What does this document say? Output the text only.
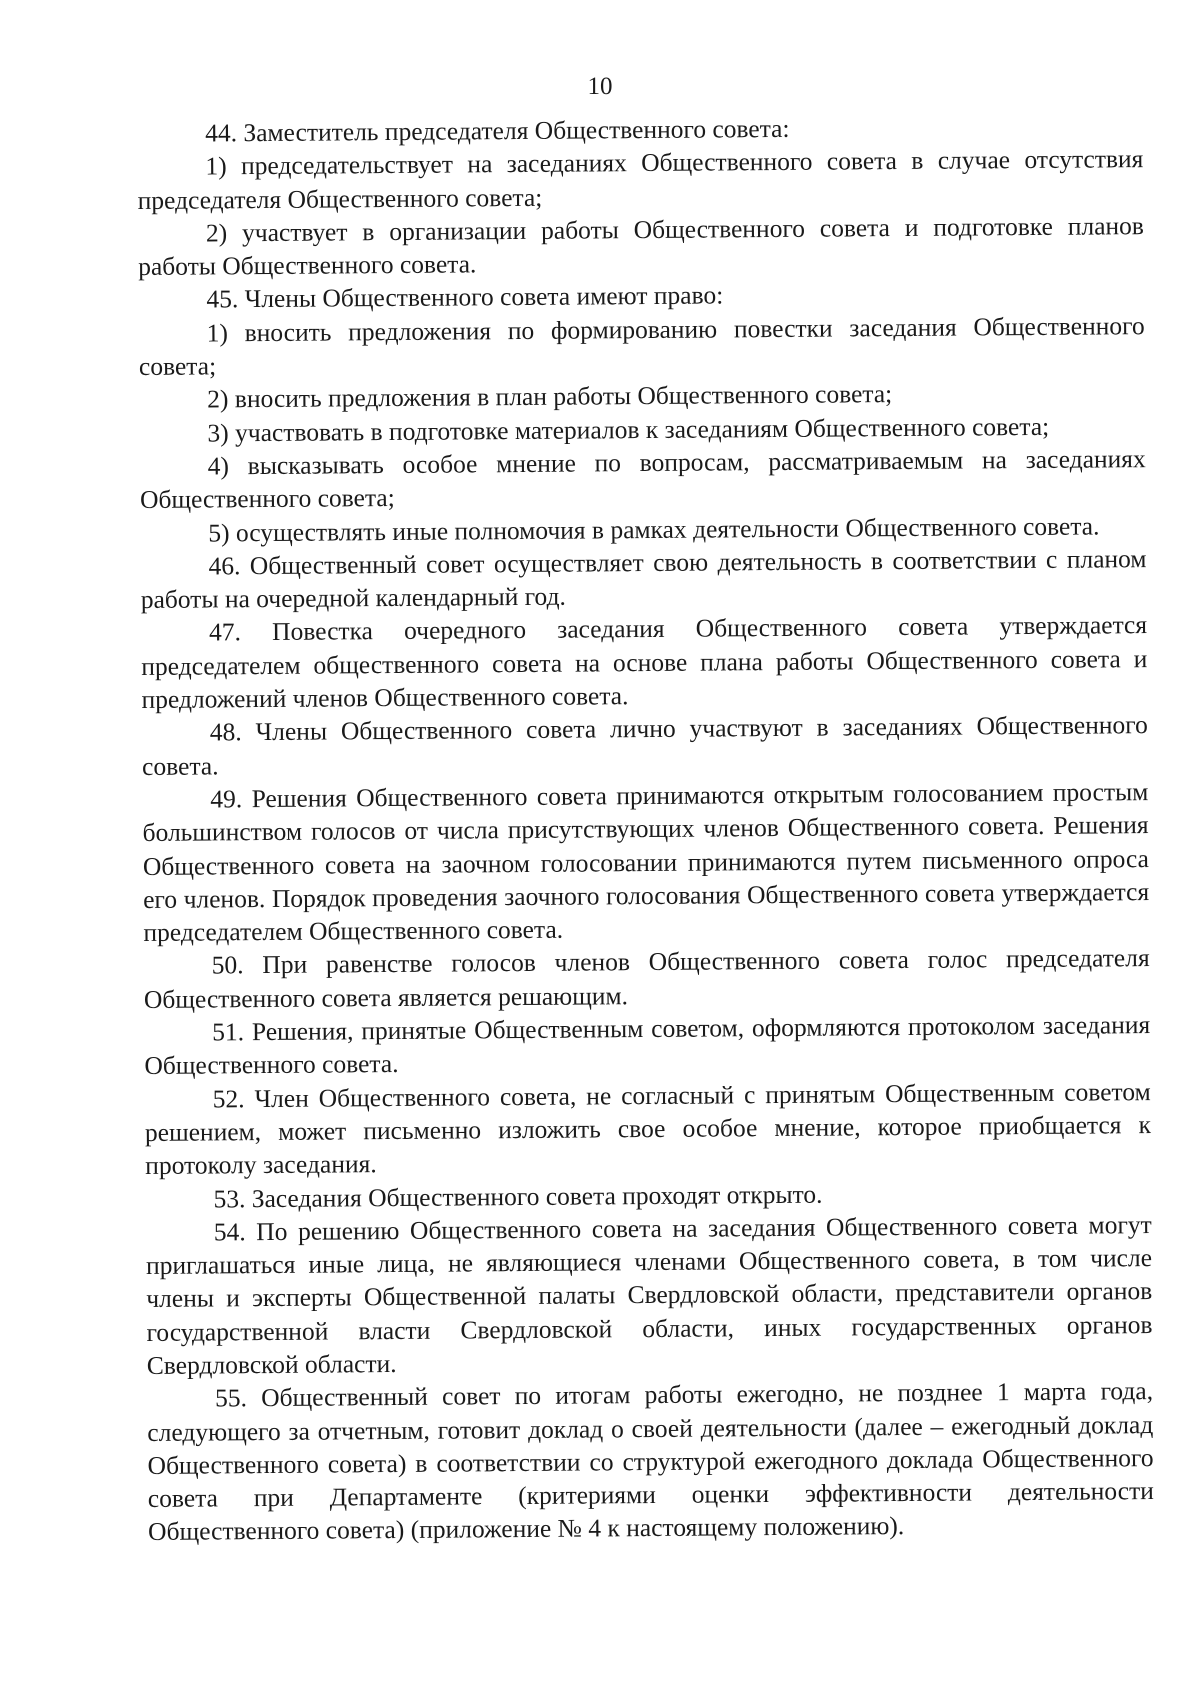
10

44. Заместитель председателя Общественного совета:

1) председательствует на заседаниях Общественного совета в случае отсутствия председателя Общественного совета;

2) участвует в организации работы Общественного совета и подготовке планов работы Общественного совета.

45. Члены Общественного совета имеют право:

1) вносить предложения по формированию повестки заседания Общественного совета;

2) вносить предложения в план работы Общественного совета;

3) участвовать в подготовке материалов к заседаниям Общественного совета;

4) высказывать особое мнение по вопросам, рассматриваемым на заседаниях Общественного совета;

5) осуществлять иные полномочия в рамках деятельности Общественного совета.

46. Общественный совет осуществляет свою деятельность в соответствии с планом работы на очередной календарный год.

47. Повестка очередного заседания Общественного совета утверждается председателем общественного совета на основе плана работы Общественного совета и предложений членов Общественного совета.

48. Члены Общественного совета лично участвуют в заседаниях Общественного совета.

49. Решения Общественного совета принимаются открытым голосованием простым большинством голосов от числа присутствующих членов Общественного совета. Решения Общественного совета на заочном голосовании принимаются путем письменного опроса его членов. Порядок проведения заочного голосования Общественного совета утверждается председателем Общественного совета.

50. При равенстве голосов членов Общественного совета голос председателя Общественного совета является решающим.

51. Решения, принятые Общественным советом, оформляются протоколом заседания Общественного совета.

52. Член Общественного совета, не согласный с принятым Общественным советом решением, может письменно изложить свое особое мнение, которое приобщается к протоколу заседания.

53. Заседания Общественного совета проходят открыто.

54. По решению Общественного совета на заседания Общественного совета могут приглашаться иные лица, не являющиеся членами Общественного совета, в том числе члены и эксперты Общественной палаты Свердловской области, представители органов государственной власти Свердловской области, иных государственных органов Свердловской области.

55. Общественный совет по итогам работы ежегодно, не позднее 1 марта года, следующего за отчетным, готовит доклад о своей деятельности (далее – ежегодный доклад Общественного совета) в соответствии со структурой ежегодного доклада Общественного совета при Департаменте (критериями оценки эффективности деятельности Общественного совета) (приложение № 4 к настоящему положению).
